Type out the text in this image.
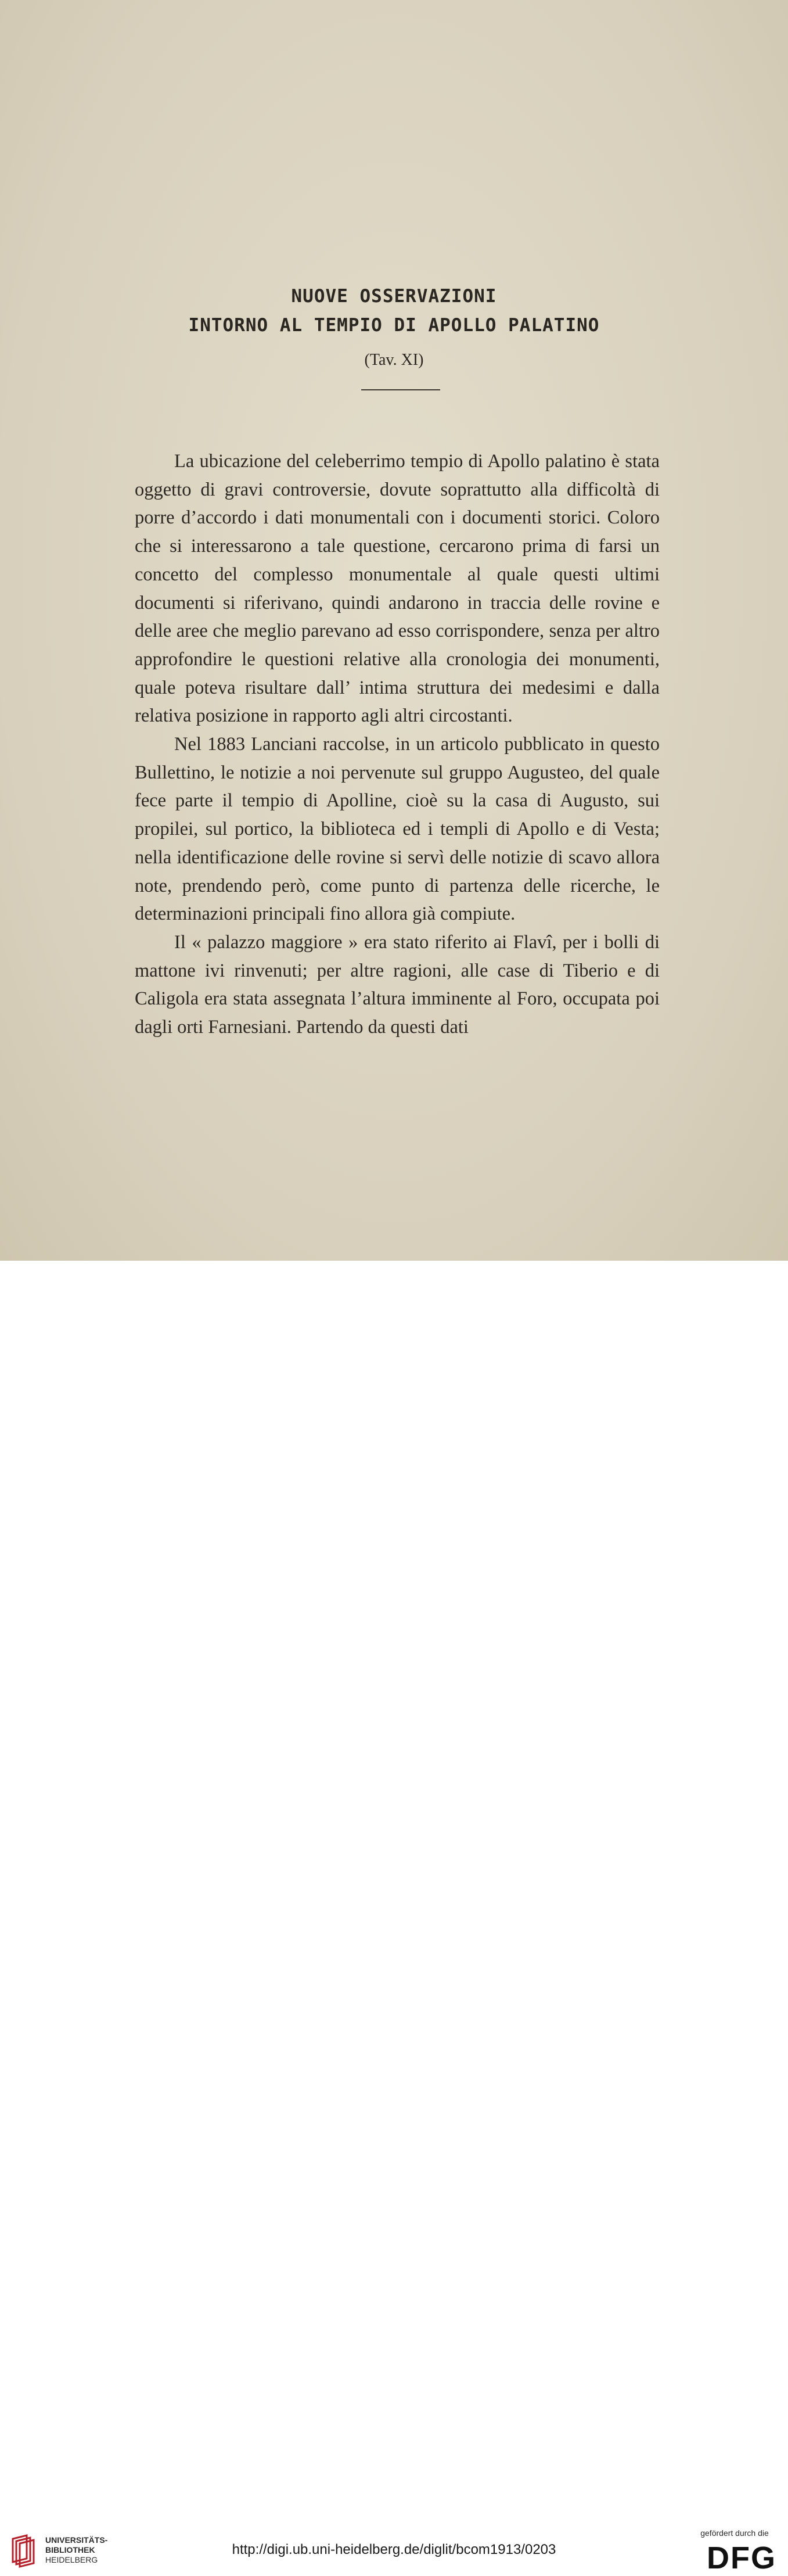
NUOVE OSSERVAZIONI
INTORNO AL TEMPIO DI APOLLO PALATINO
(Tav. XI)

La ubicazione del celeberrimo tempio di Apollo palatino è stata oggetto di gravi controversie, dovute soprattutto alla difficoltà di porre d’accordo i dati monumentali con i documenti storici. Coloro che si interessarono a tale questione, cercarono prima di farsi un concetto del complesso monumentale al quale questi ultimi documenti si riferivano, quindi andarono in traccia delle rovine e delle aree che meglio parevano ad esso corrispondere, senza per altro approfondire le questioni relative alla cronologia dei monumenti, quale poteva risultare dall’ intima struttura dei medesimi e dalla relativa posizione in rapporto agli altri circostanti.

Nel 1883 Lanciani raccolse, in un articolo pubblicato in questo Bullettino, le notizie a noi pervenute sul gruppo Augusteo, del quale fece parte il tempio di Apolline, cioè su la casa di Augusto, sui propilei, sul portico, la biblioteca ed i templi di Apollo e di Vesta; nella identificazione delle rovine si servì delle notizie di scavo allora note, prendendo però, come punto di partenza delle ricerche, le determinazioni principali fino allora già compiute.

Il « palazzo maggiore » era stato riferito ai Flavî, per i bolli di mattone ivi rinvenuti; per altre ragioni, alle case di Tiberio e di Caligola era stata assegnata l’altura imminente al Foro, occupata poi dagli orti Farnesiani. Partendo da questi dati

UNIVERSITÄTS-
BIBLIOTHEK
HEIDELBERG
http://digi.ub.uni-heidelberg.de/diglit/bcom1913/0203
gefördert durch die
DFG
